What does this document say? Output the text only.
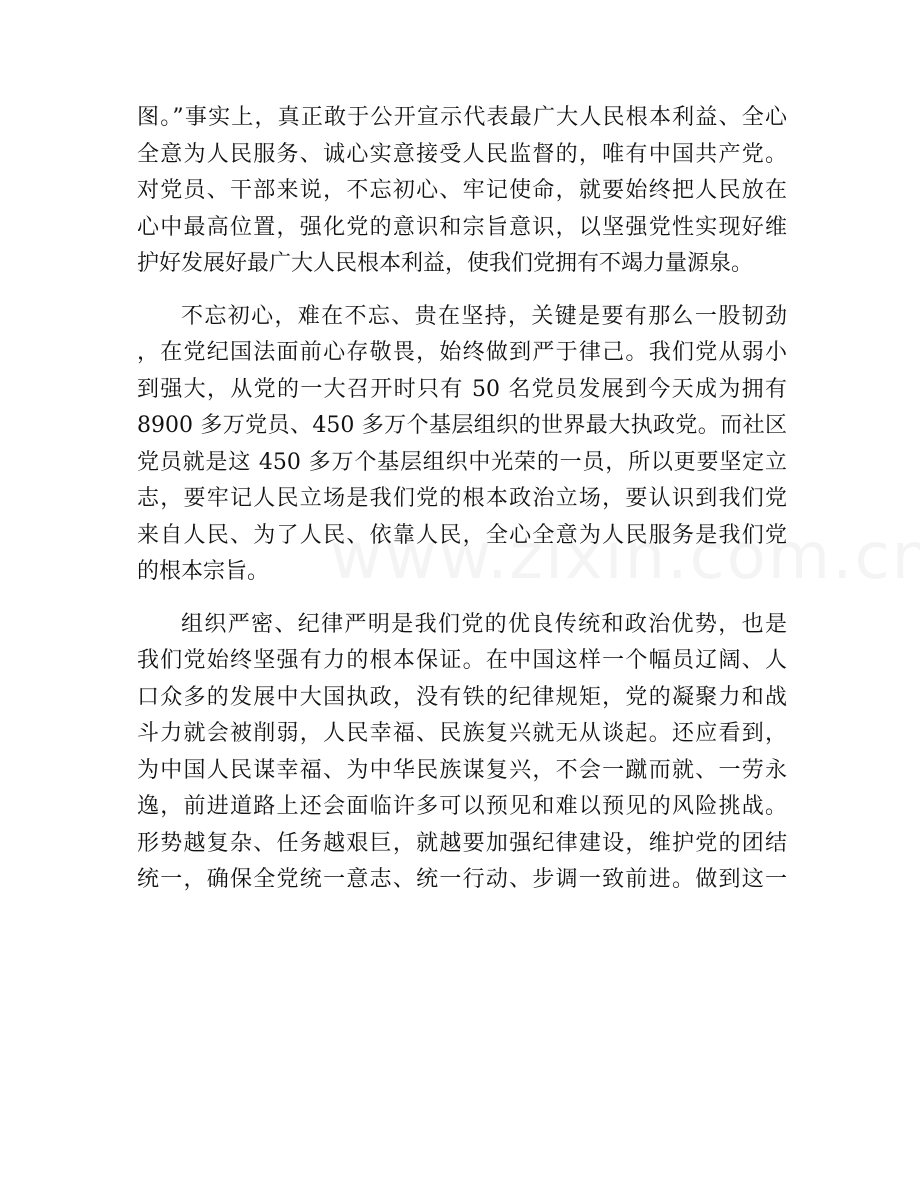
图。”事实上，真正敢于公开宣示代表最广大人民根本利益、全心
全意为人民服务、诚心实意接受人民监督的，唯有中国共产党。
对党员、干部来说，不忘初心、牢记使命，就要始终把人民放在
心中最高位置，强化党的意识和宗旨意识，以坚强党性实现好维
护好发展好最广大人民根本利益，使我们党拥有不竭力量源泉。
不忘初心，难在不忘、贵在坚持，关键是要有那么一股韧劲
，在党纪国法面前心存敬畏，始终做到严于律己。我们党从弱小
到强大，从党的一大召开时只有 50 名党员发展到今天成为拥有
8900 多万党员、450 多万个基层组织的世界最大执政党。而社区
党员就是这 450 多万个基层组织中光荣的一员，所以更要坚定立
志，要牢记人民立场是我们党的根本政治立场，要认识到我们党
来自人民、为了人民、依靠人民，全心全意为人民服务是我们党
的根本宗旨。
组织严密、纪律严明是我们党的优良传统和政治优势，也是
我们党始终坚强有力的根本保证。在中国这样一个幅员辽阔、人
口众多的发展中大国执政，没有铁的纪律规矩，党的凝聚力和战
斗力就会被削弱，人民幸福、民族复兴就无从谈起。还应看到，
为中国人民谋幸福、为中华民族谋复兴，不会一蹴而就、一劳永
逸，前进道路上还会面临许多可以预见和难以预见的风险挑战。
形势越复杂、任务越艰巨，就越要加强纪律建设，维护党的团结
统一，确保全党统一意志、统一行动、步调一致前进。做到这一
